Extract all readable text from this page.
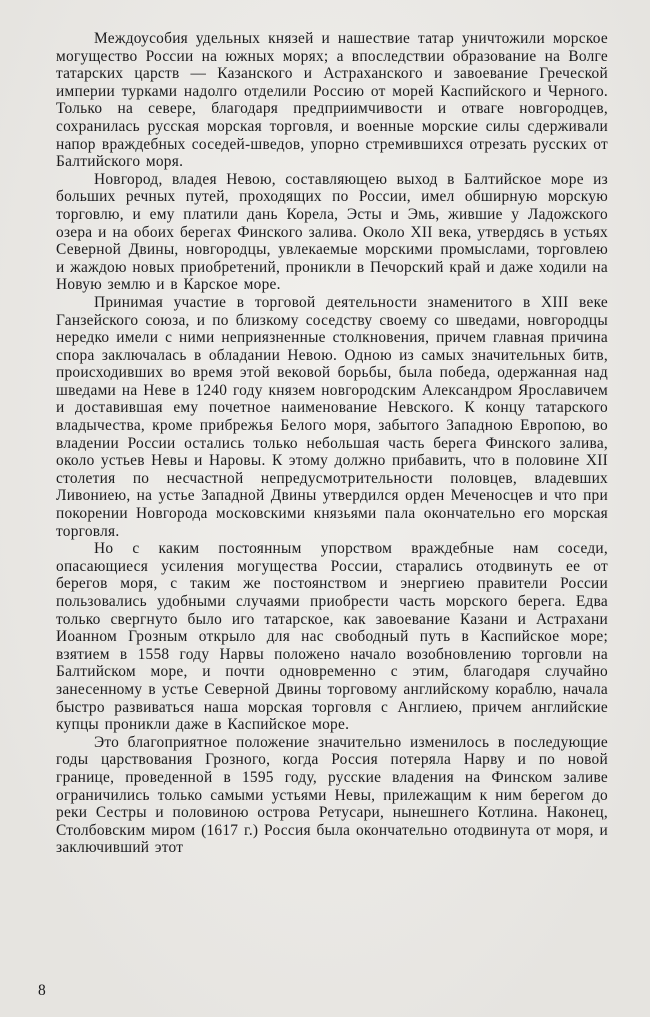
Междоусобия удельных князей и нашествие татар уничтожили морское могущество России на южных морях; а впоследствии образование на Волге татарских царств — Казанского и Астраханского и завоевание Греческой империи турками надолго отделили Россию от морей Каспийского и Черного. Только на севере, благодаря предприимчивости и отваге новгородцев, сохранилась русская морская торговля, и военные морские силы сдерживали напор враждебных соседей-шведов, упорно стремившихся отрезать русских от Балтийского моря.

Новгород, владея Невою, составляющею выход в Балтийское море из больших речных путей, проходящих по России, имел обширную морскую торговлю, и ему платили дань Корела, Эсты и Эмь, жившие у Ладожского озера и на обоих берегах Финского залива. Около XII века, утвердясь в устьях Северной Двины, новгородцы, увлекаемые морскими промыслами, торговлею и жаждою новых приобретений, проникли в Печорский край и даже ходили на Новую землю и в Карское море.

Принимая участие в торговой деятельности знаменитого в XIII веке Ганзейского союза, и по близкому соседству своему со шведами, новгородцы нередко имели с ними неприязненные столкновения, причем главная причина спора заключалась в обладании Невою. Одною из самых значительных битв, происходивших во время этой вековой борьбы, была победа, одержанная над шведами на Неве в 1240 году князем новгородским Александром Ярославичем и доставившая ему почетное наименование Невского. К концу татарского владычества, кроме прибрежья Белого моря, забытого Западною Европою, во владении России остались только небольшая часть берега Финского залива, около устьев Невы и Наровы. К этому должно прибавить, что в половине XII столетия по несчастной непредусмотрительности половцев, владевших Ливониею, на устье Западной Двины утвердился орден Меченосцев и что при покорении Новгорода московскими князьями пала окончательно его морская торговля.

Но с каким постоянным упорством враждебные нам соседи, опасающиеся усиления могущества России, старались отодвинуть ее от берегов моря, с таким же постоянством и энергиею правители России пользовались удобными случаями приобрести часть морского берега. Едва только свергнуто было иго татарское, как завоевание Казани и Астрахани Иоанном Грозным открыло для нас свободный путь в Каспийское море; взятием в 1558 году Нарвы положено начало возобновлению торговли на Балтийском море, и почти одновременно с этим, благодаря случайно занесенному в устье Северной Двины торговому английскому кораблю, начала быстро развиваться наша морская торговля с Англиею, причем английские купцы проникли даже в Каспийское море.

Это благоприятное положение значительно изменилось в последующие годы царствования Грозного, когда Россия потеряла Нарву и по новой границе, проведенной в 1595 году, русские владения на Финском заливе ограничились только самыми устьями Невы, прилежащим к ним берегом до реки Сестры и половиною острова Ретусари, нынешнего Котлина. Наконец, Столбовским миром (1617 г.) Россия была окончательно отодвинута от моря, и заключивший этот

8
